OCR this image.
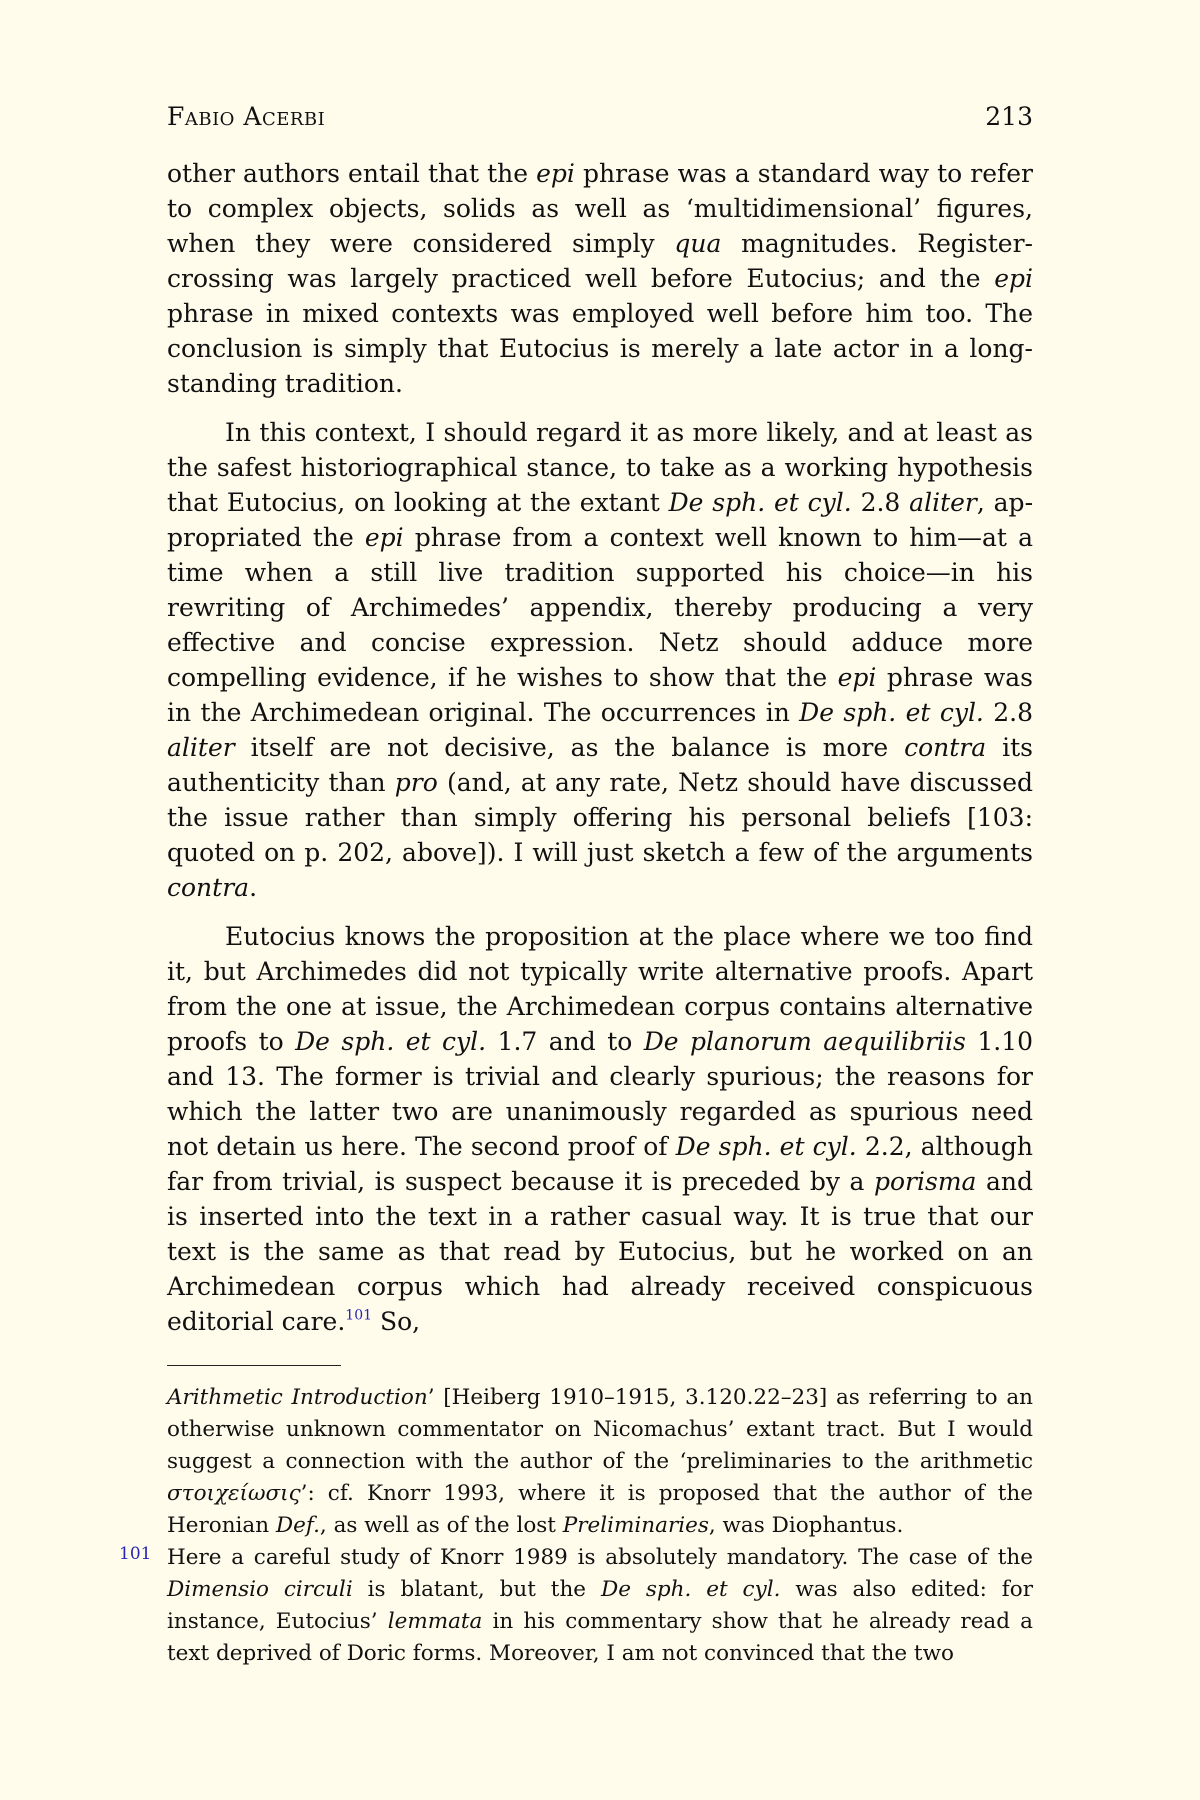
Fabio Acerbi	213

other authors entail that the epi phrase was a standard way to refer to complex objects, solids as well as ‘multidimensional’ figures, when they were considered simply qua magnitudes. Register-crossing was largely practiced well before Eutocius; and the epi phrase in mixed contexts was employed well before him too. The conclusion is simply that Eutocius is merely a late actor in a long-standing tradition.

In this context, I should regard it as more likely, and at least as the safest historiographical stance, to take as a working hypothesis that Eutocius, on looking at the extant De sph. et cyl. 2.8 aliter, appropriated the epi phrase from a context well known to him—at a time when a still live tradition supported his choice—in his rewriting of Archimedes’ appendix, thereby producing a very effective and concise expression. Netz should adduce more compelling evidence, if he wishes to show that the epi phrase was in the Archimedean original. The occurrences in De sph. et cyl. 2.8 aliter itself are not decisive, as the balance is more contra its authenticity than pro (and, at any rate, Netz should have discussed the issue rather than simply offering his personal beliefs [103: quoted on p. 202, above]). I will just sketch a few of the arguments contra.

Eutocius knows the proposition at the place where we too find it, but Archimedes did not typically write alternative proofs. Apart from the one at issue, the Archimedean corpus contains alternative proofs to De sph. et cyl. 1.7 and to De planorum aequilibriis 1.10 and 13. The former is trivial and clearly spurious; the reasons for which the latter two are unanimously regarded as spurious need not detain us here. The second proof of De sph. et cyl. 2.2, although far from trivial, is suspect because it is preceded by a porisma and is inserted into the text in a rather casual way. It is true that our text is the same as that read by Eutocius, but he worked on an Archimedean corpus which had already received conspicuous editorial care.$^{101}$ So,

Arithmetic Introduction’ [Heiberg 1910–1915, 3.120.22–23] as referring to an otherwise unknown commentator on Nicomachus’ extant tract. But I would suggest a connection with the author of the ‘preliminaries to the arithmetic στοιχείωσις’: cf. Knorr 1993, where it is proposed that the author of the Heronian Def., as well as of the lost Preliminaries, was Diophantus.

101 Here a careful study of Knorr 1989 is absolutely mandatory. The case of the Dimensio circuli is blatant, but the De sph. et cyl. was also edited: for instance, Eutocius’ lemmata in his commentary show that he already read a text deprived of Doric forms. Moreover, I am not convinced that the two
